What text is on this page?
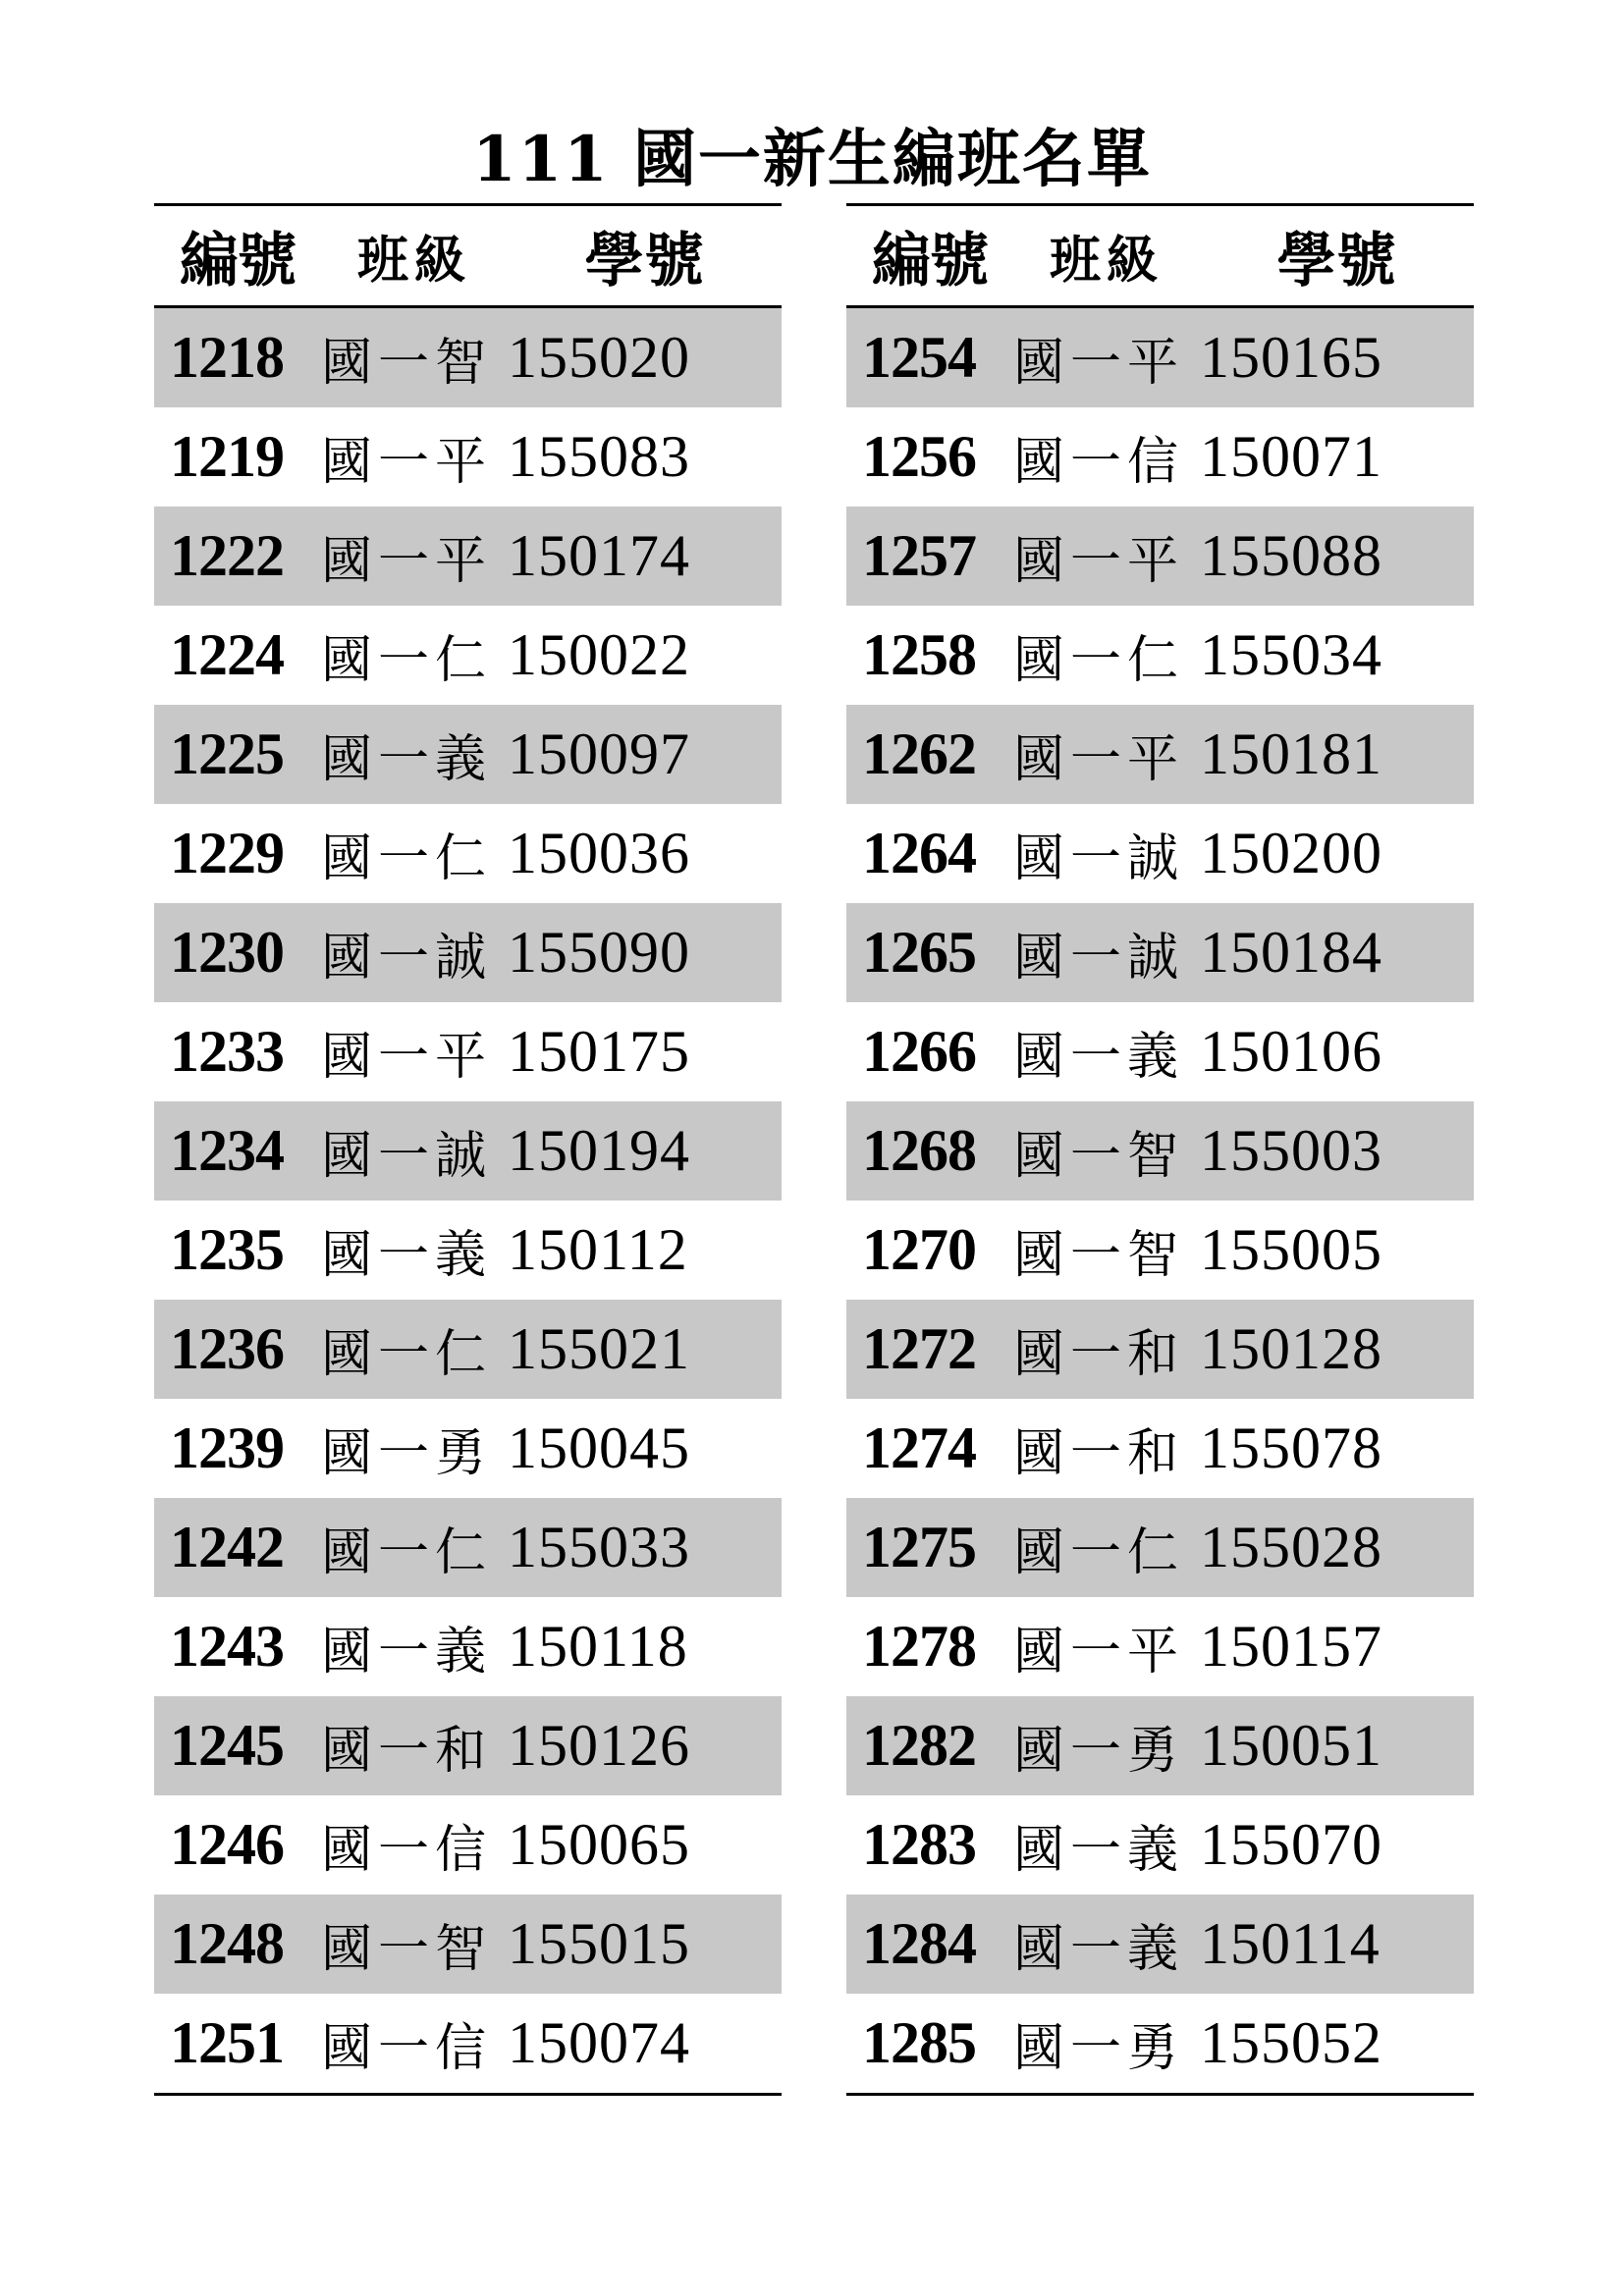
111 國一新生編班名單
編號	班級	學號
1218 國一智 155020
1219 國一平 155083
1222 國一平 150174
1224 國一仁 150022
1225 國一義 150097
1229 國一仁 150036
1230 國一誠 155090
1233 國一平 150175
1234 國一誠 150194
1235 國一義 150112
1236 國一仁 155021
1239 國一勇 150045
1242 國一仁 155033
1243 國一義 150118
1245 國一和 150126
1246 國一信 150065
1248 國一智 155015
1251 國一信 150074
編號	班級	學號
1254 國一平 150165
1256 國一信 150071
1257 國一平 155088
1258 國一仁 155034
1262 國一平 150181
1264 國一誠 150200
1265 國一誠 150184
1266 國一義 150106
1268 國一智 155003
1270 國一智 155005
1272 國一和 150128
1274 國一和 155078
1275 國一仁 155028
1278 國一平 150157
1282 國一勇 150051
1283 國一義 155070
1284 國一義 150114
1285 國一勇 155052
